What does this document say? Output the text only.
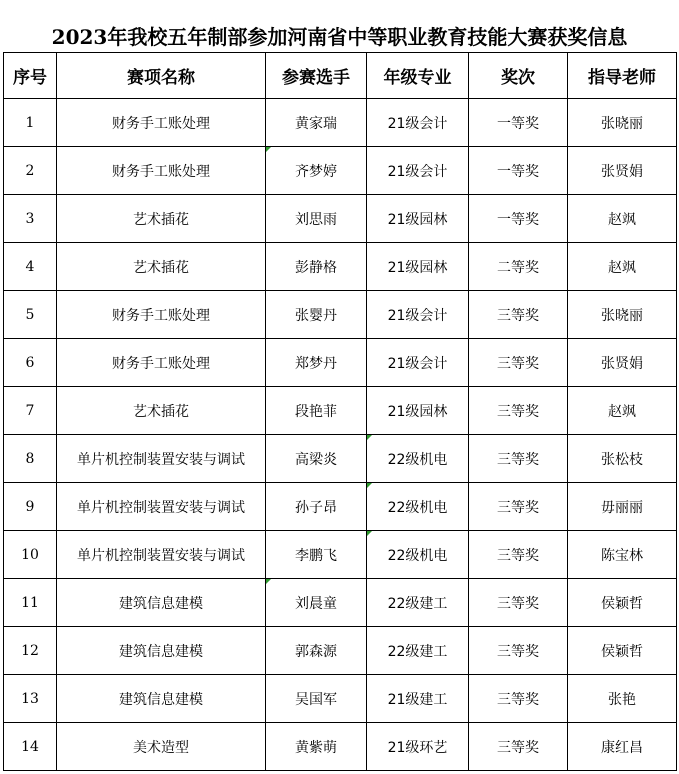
2023年我校五年制部参加河南省中等职业教育技能大赛获奖信息
序号	赛项名称	参赛选手	年级专业	奖次	指导老师
1	财务手工账处理	黄家瑞	21级会计	一等奖	张晓丽
2	财务手工账处理	齐梦婷	21级会计	一等奖	张贤娟
3	艺术插花	刘思雨	21级园林	一等奖	赵飒
4	艺术插花	彭静格	21级园林	二等奖	赵飒
5	财务手工账处理	张婴丹	21级会计	三等奖	张晓丽
6	财务手工账处理	郑梦丹	21级会计	三等奖	张贤娟
7	艺术插花	段艳菲	21级园林	三等奖	赵飒
8	单片机控制装置安装与调试	高梁炎	22级机电	三等奖	张松枝
9	单片机控制装置安装与调试	孙子昂	22级机电	三等奖	毋丽丽
10	单片机控制装置安装与调试	李鹏飞	22级机电	三等奖	陈宝林
11	建筑信息建模	刘晨童	22级建工	三等奖	侯颖哲
12	建筑信息建模	郭森源	22级建工	三等奖	侯颖哲
13	建筑信息建模	吴国军	21级建工	三等奖	张艳
14	美术造型	黄紫萌	21级环艺	三等奖	康红昌
